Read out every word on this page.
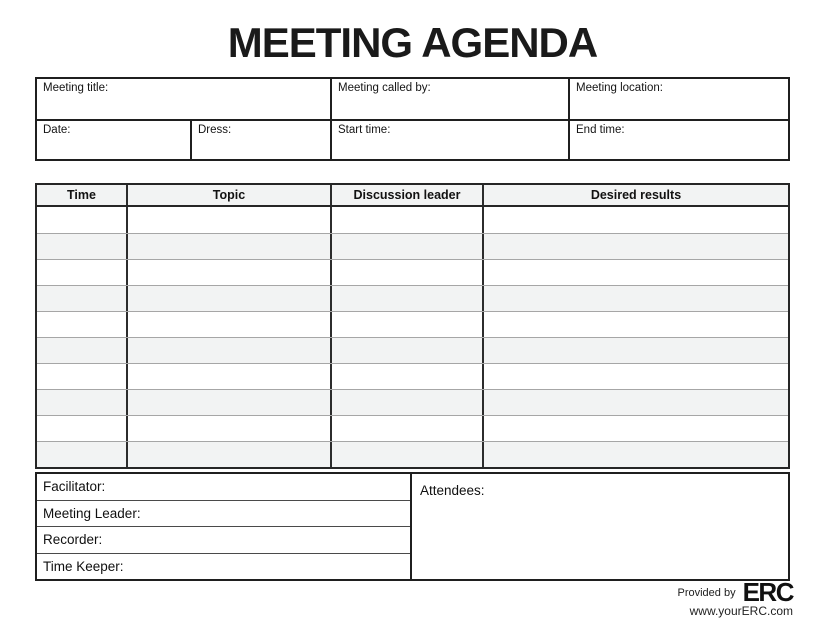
MEETING AGENDA
Meeting title:	Meeting called by:	Meeting location:
Date:	Dress:	Start time:	End time:
Time	Topic	Discussion leader	Desired results
Facilitator:
Meeting Leader:
Recorder:
Time Keeper:
Attendees:
Provided by ERC
www.yourERC.com
